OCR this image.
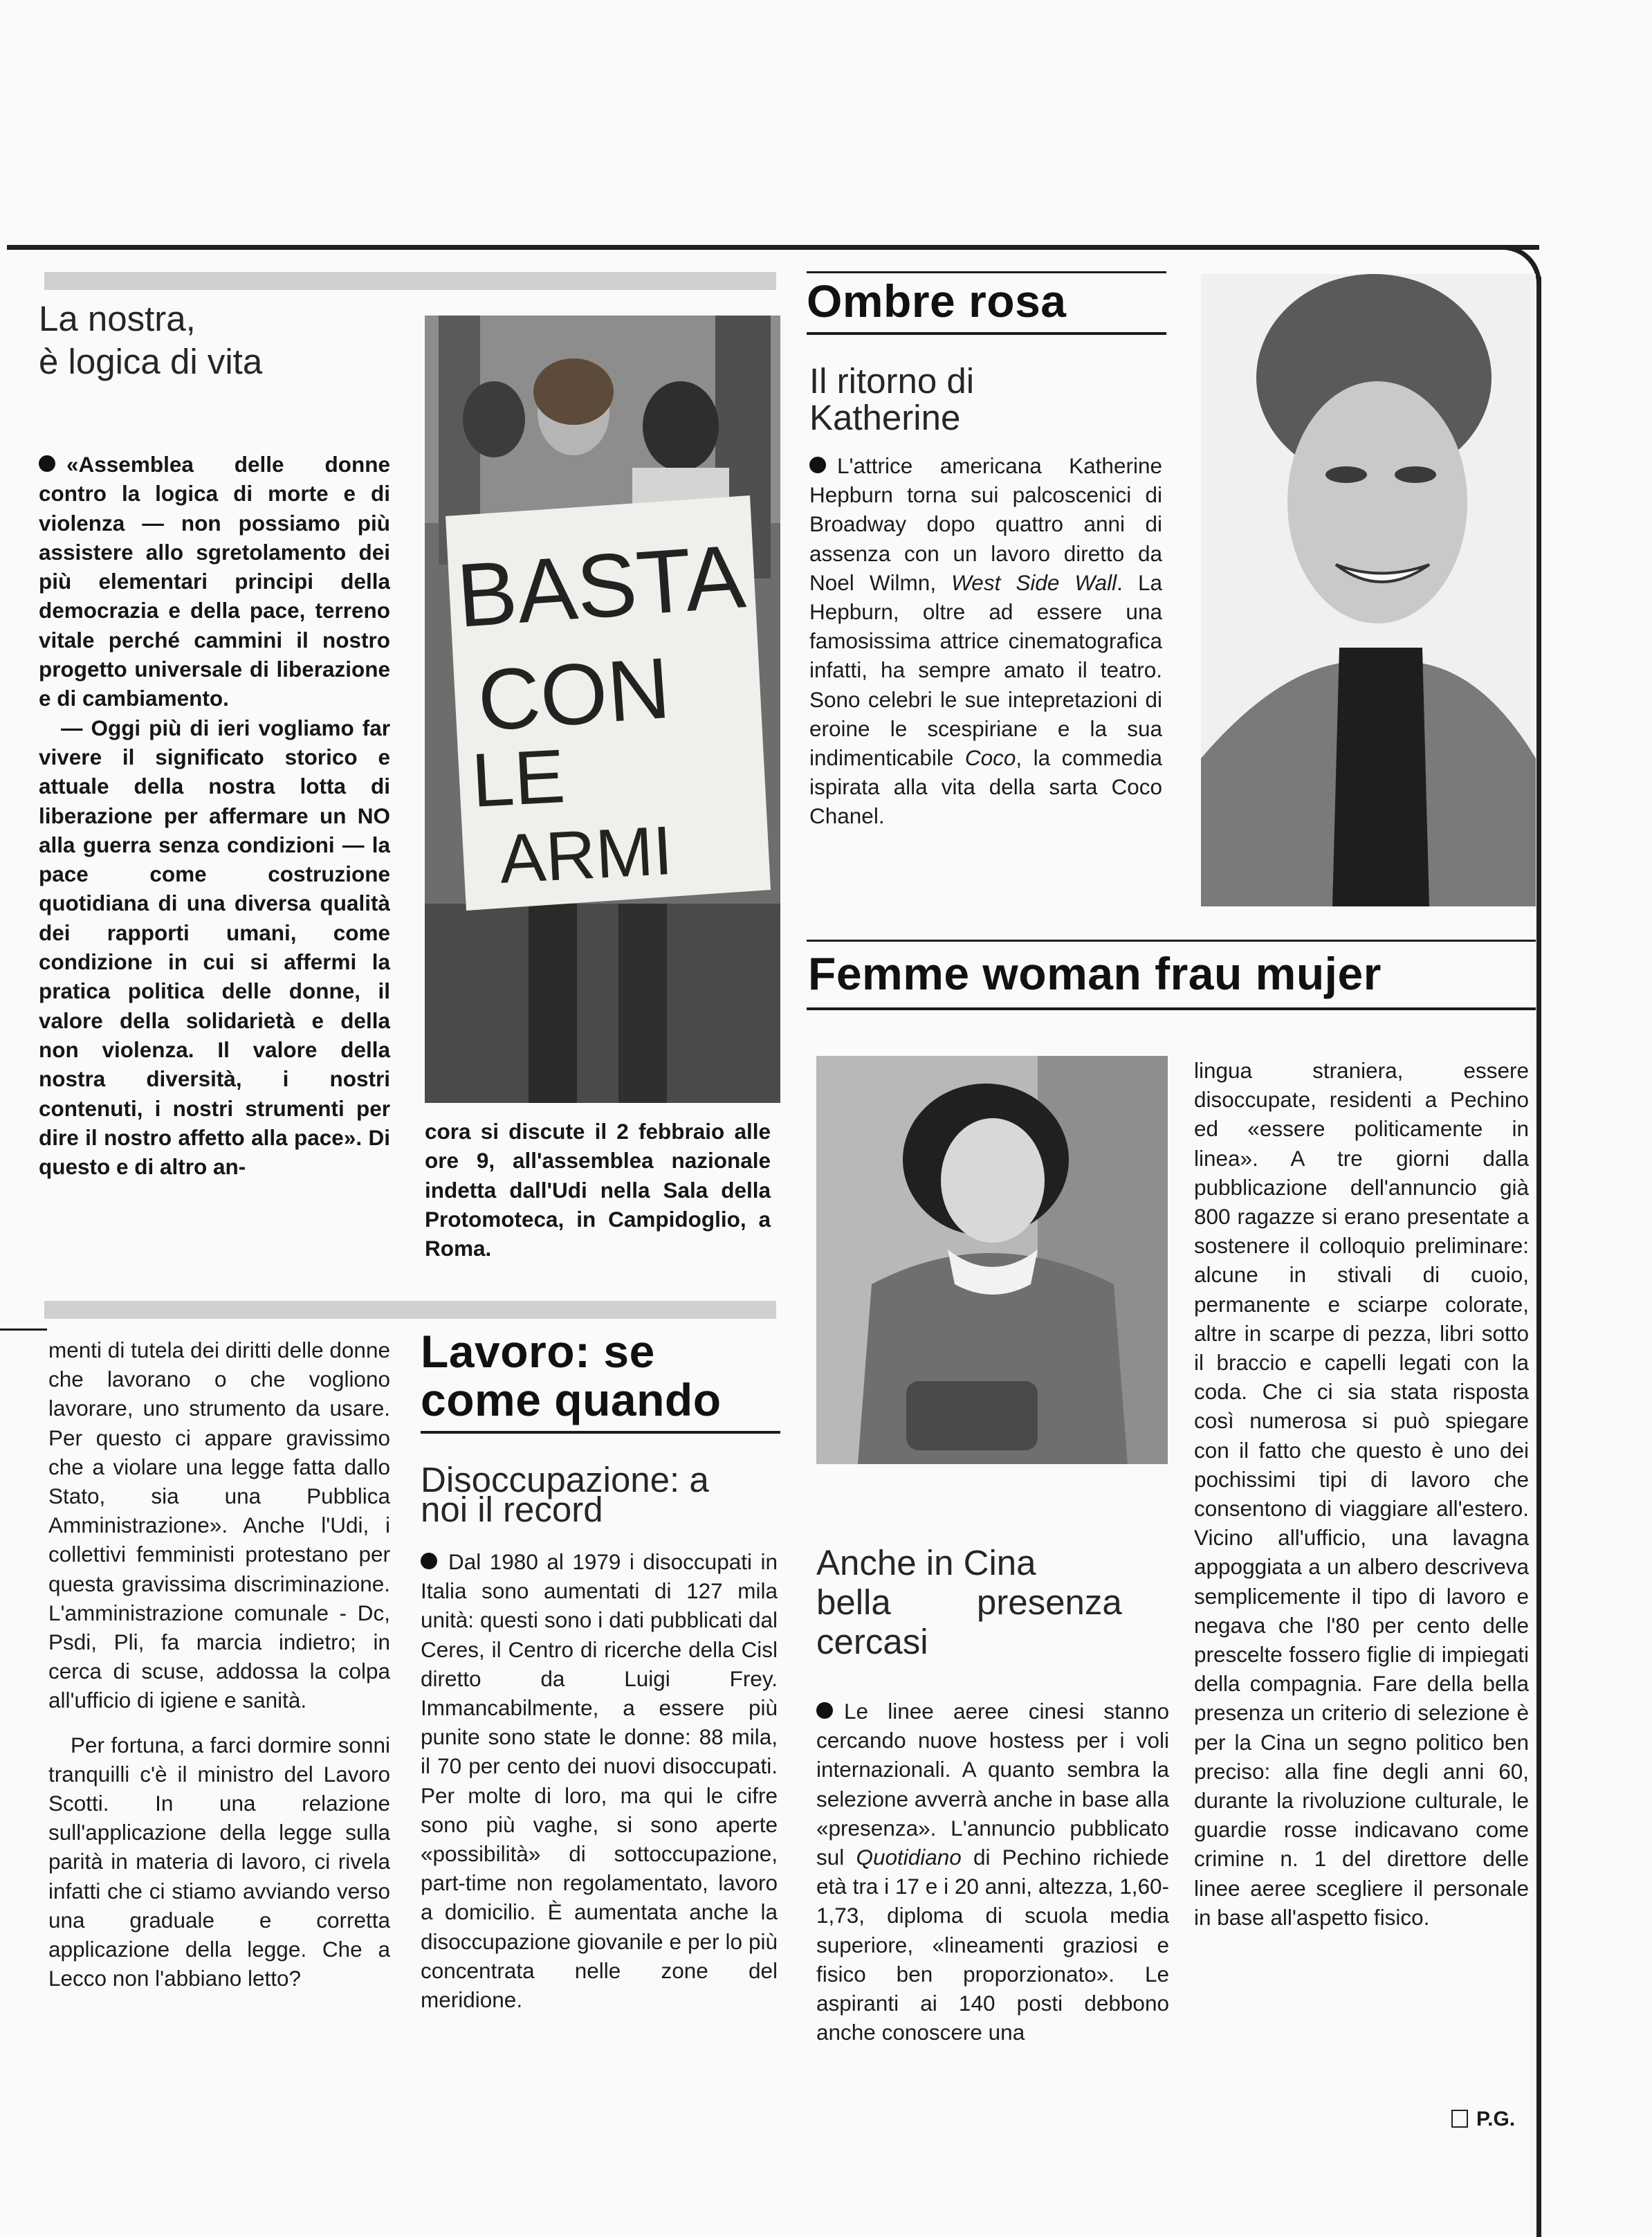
La nostra,
è logica di vita

«Assemblea delle donne contro la logica di morte e di violenza — non possiamo più assistere allo sgretolamento dei più elementari principi della democrazia e della pace, terreno vitale perché cammini il nostro progetto universale di liberazione e di cambiamento.

— Oggi più di ieri vogliamo far vivere il significato storico e attuale della nostra lotta di liberazione per affermare un NO alla guerra senza condizioni — la pace come costruzione quotidiana di una diversa qualità dei rapporti umani, come condizione in cui si affermi la pratica politica delle donne, il valore della solidarietà e della non violenza. Il valore della nostra diversità, i nostri contenuti, i nostri strumenti per dire il nostro affetto alla pace». Di questo e di altro an-

BASTA
CON
LE
ARMI

cora si discute il 2 febbraio alle ore 9, all'assemblea nazionale indetta dall'Udi nella Sala della Protomoteca, in Campidoglio, a Roma.

menti di tutela dei diritti delle donne che lavorano o che vogliono lavorare, uno strumento da usare. Per questo ci appare gravissimo che a violare una legge fatta dallo Stato, sia una Pubblica Amministrazione». Anche l'Udi, i collettivi femministi protestano per questa gravissima discriminazione. L'amministrazione comunale - Dc, Psdi, Pli, fa marcia indietro; in cerca di scuse, addossa la colpa all'ufficio di igiene e sanità.

Per fortuna, a farci dormire sonni tranquilli c'è il ministro del Lavoro Scotti. In una relazione sull'applicazione della legge sulla parità in materia di lavoro, ci rivela infatti che ci stiamo avviando verso una graduale e corretta applicazione della legge. Che a Lecco non l'abbiano letto?

Lavoro: se
come quando
Disoccupazione: a
noi il record

Dal 1980 al 1979 i disoccupati in Italia sono aumentati di 127 mila unità: questi sono i dati pubblicati dal Ceres, il Centro di ricerche della Cisl diretto da Luigi Frey. Immancabilmente, a essere più punite sono state le donne: 88 mila, il 70 per cento dei nuovi disoccupati. Per molte di loro, ma qui le cifre sono più vaghe, si sono aperte «possibilità» di sottoccupazione, part-time non regolamentato, lavoro a domicilio. È aumentata anche la disoccupazione giovanile e per lo più concentrata nelle zone del meridione.

Ombre rosa
Il ritorno di
Katherine

L'attrice americana Katherine Hepburn torna sui palcoscenici di Broadway dopo quattro anni di assenza con un lavoro diretto da Noel Wilmn, West Side Wall. La Hepburn, oltre ad essere una famosissima attrice cinematografica infatti, ha sempre amato il teatro. Sono celebri le sue intepretazioni di eroine le scespiriane e la sua indimenticabile Coco, la commedia ispirata alla vita della sarta Coco Chanel.

Femme woman frau mujer
Anche in Cina
bella presenza
cercasi

Le linee aeree cinesi stanno cercando nuove hostess per i voli internazionali. A quanto sembra la selezione avverrà anche in base alla «presenza». L'annuncio pubblicato sul Quotidiano di Pechino richiede età tra i 17 e i 20 anni, altezza, 1,60-1,73, diploma di scuola media superiore, «lineamenti graziosi e fisico ben proporzionato». Le aspiranti ai 140 posti debbono anche conoscere una

lingua straniera, essere disoccupate, residenti a Pechino ed «essere politicamente in linea». A tre giorni dalla pubblicazione dell'annuncio già 800 ragazze si erano presentate a sostenere il colloquio preliminare: alcune in stivali di cuoio, permanente e sciarpe colorate, altre in scarpe di pezza, libri sotto il braccio e capelli legati con la coda. Che ci sia stata risposta così numerosa si può spiegare con il fatto che questo è uno dei pochissimi tipi di lavoro che consentono di viaggiare all'estero. Vicino all'ufficio, una lavagna appoggiata a un albero descriveva semplicemente il tipo di lavoro e negava che l'80 per cento delle prescelte fossero figlie di impiegati della compagnia. Fare della bella presenza un criterio di selezione è per la Cina un segno politico ben preciso: alla fine degli anni 60, durante la rivoluzione culturale, le guardie rosse indicavano come crimine n. 1 del direttore delle linee aeree scegliere il personale in base all'aspetto fisico.

P.G.
